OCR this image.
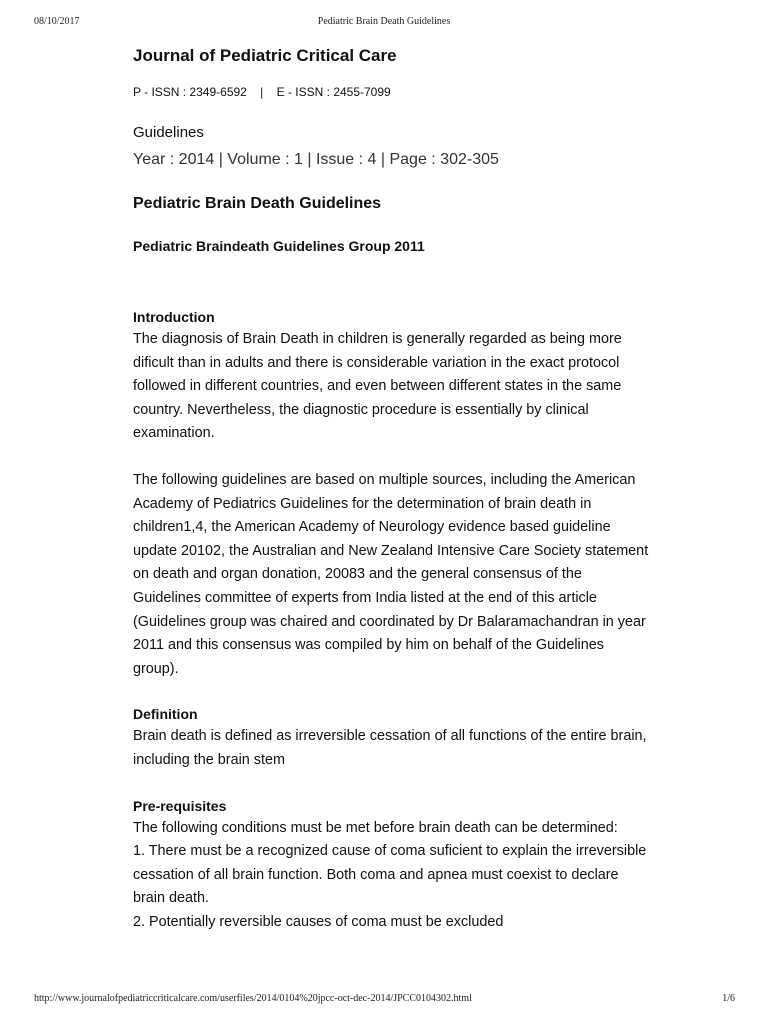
08/10/2017	Pediatric Brain Death Guidelines
Journal of Pediatric Critical Care
P - ISSN : 2349-6592    |    E - ISSN : 2455-7099
Guidelines
Year : 2014 | Volume : 1 | Issue : 4 | Page : 302-305
Pediatric Brain Death Guidelines
Pediatric Braindeath Guidelines Group 2011
Introduction

The diagnosis of Brain Death in children is generally regarded as being more dificult than in adults and there is considerable variation in the exact protocol followed in different countries, and even between different states in the same country. Nevertheless, the diagnostic procedure is essentially by clinical examination.

The following guidelines are based on multiple sources, including the American Academy of Pediatrics Guidelines for the determination of brain death in children1,4, the American Academy of Neurology evidence based guideline update 20102, the Australian and New Zealand Intensive Care Society statement on death and organ donation, 20083 and the general consensus of the Guidelines committee of experts from India listed at the end of this article (Guidelines group was chaired and coordinated by Dr Balaramachandran in year 2011 and this consensus was compiled by him on behalf of the Guidelines group).

Definition

Brain death is defined as irreversible cessation of all functions of the entire brain, including the brain stem

Pre-requisites

The following conditions must be met before brain death can be determined:

1. There must be a recognized cause of coma suficient to explain the irreversible cessation of all brain function. Both coma and apnea must coexist to declare brain death.

2. Potentially reversible causes of coma must be excluded

http://www.journalofpediatriccriticalcare.com/userfiles/2014/0104%20jpcc-oct-dec-2014/JPCC0104302.html	1/6
